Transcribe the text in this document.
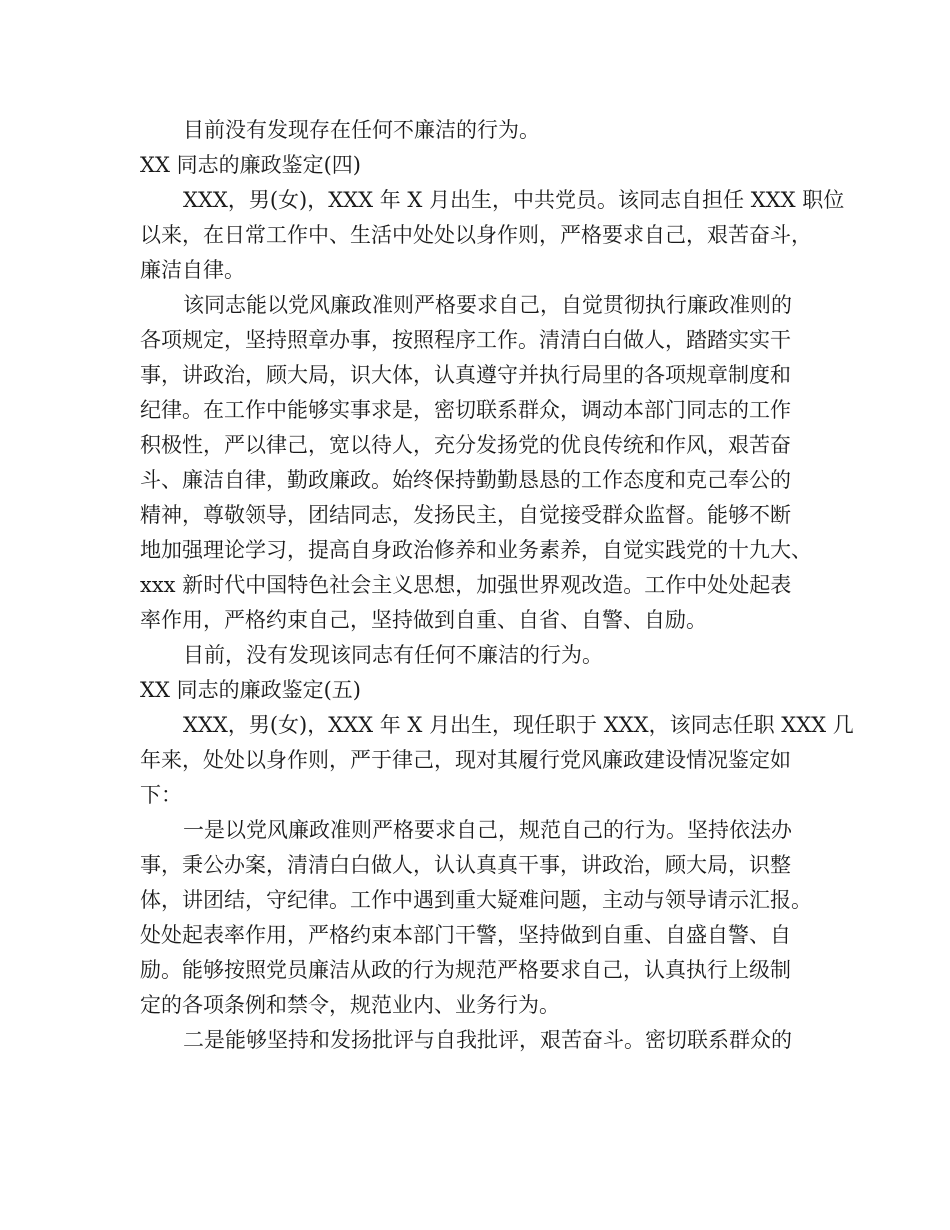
目前没有发现存在任何不廉洁的行为。
XX 同志的廉政鉴定(四)
XXX，男(女)，XXX 年 X 月出生，中共党员。该同志自担任 XXX 职位
以来，在日常工作中、生活中处处以身作则，严格要求自己，艰苦奋斗，
廉洁自律。
该同志能以党风廉政准则严格要求自己，自觉贯彻执行廉政准则的
各项规定，坚持照章办事，按照程序工作。清清白白做人，踏踏实实干
事，讲政治，顾大局，识大体，认真遵守并执行局里的各项规章制度和
纪律。在工作中能够实事求是，密切联系群众，调动本部门同志的工作
积极性，严以律己，宽以待人，充分发扬党的优良传统和作风，艰苦奋
斗、廉洁自律，勤政廉政。始终保持勤勤恳恳的工作态度和克己奉公的
精神，尊敬领导，团结同志，发扬民主，自觉接受群众监督。能够不断
地加强理论学习，提高自身政治修养和业务素养，自觉实践党的十九大、
xxx 新时代中国特色社会主义思想，加强世界观改造。工作中处处起表
率作用，严格约束自己，坚持做到自重、自省、自警、自励。
目前，没有发现该同志有任何不廉洁的行为。
XX 同志的廉政鉴定(五)
XXX，男(女)，XXX 年 X 月出生，现任职于 XXX，该同志任职 XXX 几
年来，处处以身作则，严于律己，现对其履行党风廉政建设情况鉴定如
下：
一是以党风廉政准则严格要求自己，规范自己的行为。坚持依法办
事，秉公办案，清清白白做人，认认真真干事，讲政治，顾大局，识整
体，讲团结，守纪律。工作中遇到重大疑难问题，主动与领导请示汇报。
处处起表率作用，严格约束本部门干警，坚持做到自重、自盛自警、自
励。能够按照党员廉洁从政的行为规范严格要求自己，认真执行上级制
定的各项条例和禁令，规范业内、业务行为。
二是能够坚持和发扬批评与自我批评，艰苦奋斗。密切联系群众的
